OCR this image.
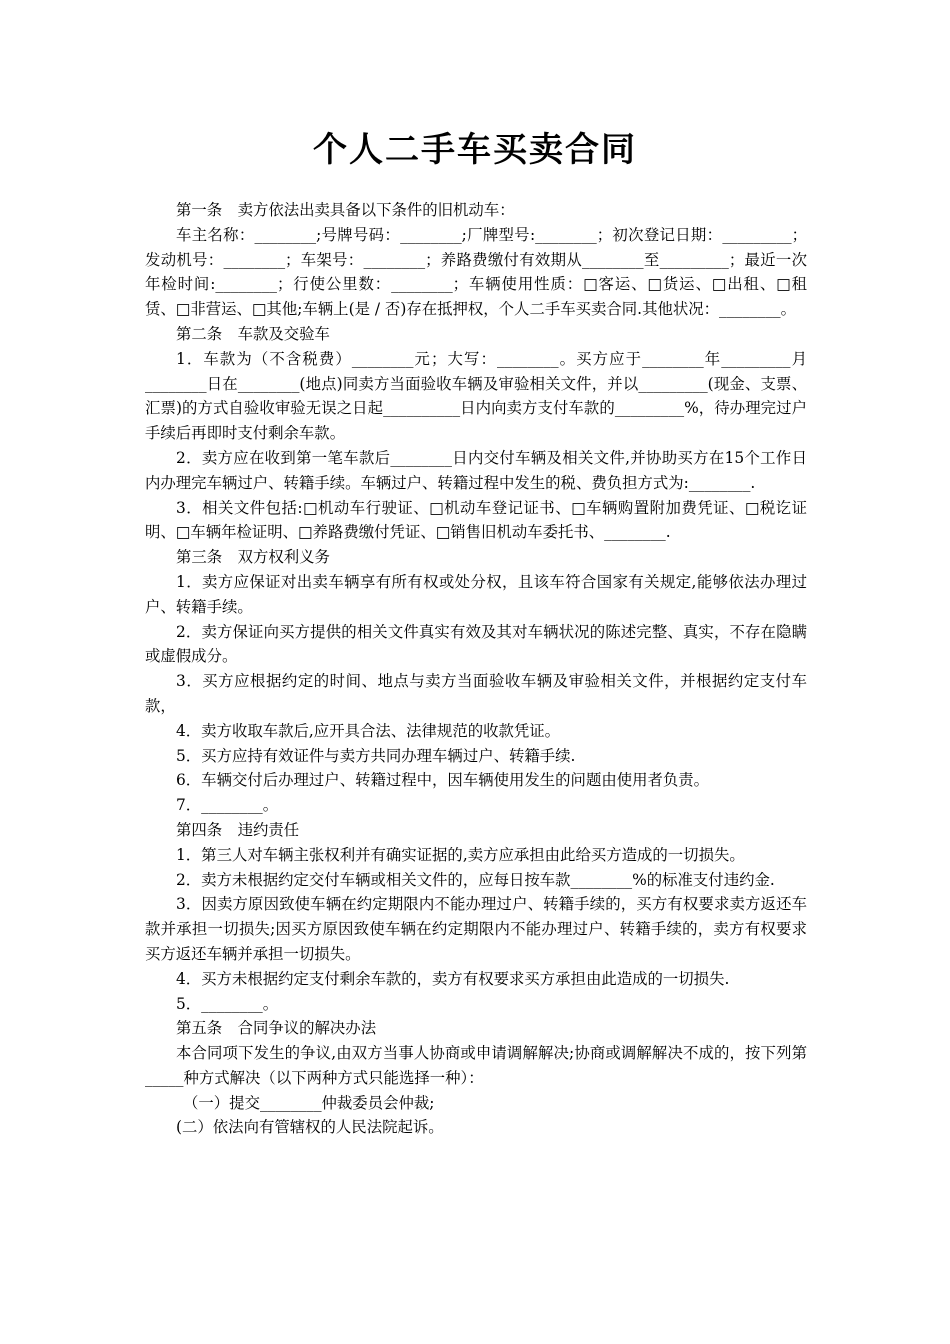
个人二手车买卖合同

第一条　卖方依法出卖具备以下条件的旧机动车：

车主名称：________;号牌号码：________;厂牌型号:________；初次登记日期：_________；发动机号：________；车架号：________；养路费缴付有效期从________至_________；最近一次年检时间:________；行使公里数：________；车辆使用性质：□客运、□货运、□出租、□租赁、□非营运、□其他;车辆上(是 / 否)存在抵押权，个人二手车买卖合同.其他状况：________。

第二条　车款及交验车

1．车款为（不含税费）________元；大写：________。买方应于________年_________月________日在________(地点)同卖方当面验收车辆及审验相关文件，并以_________(现金、支票、汇票)的方式自验收审验无误之日起__________日内向卖方支付车款的_________%，待办理完过户手续后再即时支付剩余车款。

2．卖方应在收到第一笔车款后________日内交付车辆及相关文件,并协助买方在15个工作日内办理完车辆过户、转籍手续。车辆过户、转籍过程中发生的税、费负担方式为:________.

3．相关文件包括:□机动车行驶证、□机动车登记证书、□车辆购置附加费凭证、□税讫证明、□车辆年检证明、□养路费缴付凭证、□销售旧机动车委托书、________.

第三条　双方权利义务

1．卖方应保证对出卖车辆享有所有权或处分权，且该车符合国家有关规定,能够依法办理过户、转籍手续。

2．卖方保证向买方提供的相关文件真实有效及其对车辆状况的陈述完整、真实，不存在隐瞒或虚假成分。

3．买方应根据约定的时间、地点与卖方当面验收车辆及审验相关文件，并根据约定支付车款，

4．卖方收取车款后,应开具合法、法律规范的收款凭证。

5．买方应持有效证件与卖方共同办理车辆过户、转籍手续.

6．车辆交付后办理过户、转籍过程中，因车辆使用发生的问题由使用者负责。

7．________。

第四条　违约责任

1．第三人对车辆主张权利并有确实证据的,卖方应承担由此给买方造成的一切损失。

2．卖方未根据约定交付车辆或相关文件的，应每日按车款________%的标准支付违约金.

3．因卖方原因致使车辆在约定期限内不能办理过户、转籍手续的，买方有权要求卖方返还车款并承担一切损失;因买方原因致使车辆在约定期限内不能办理过户、转籍手续的，卖方有权要求买方返还车辆并承担一切损失。

4．买方未根据约定支付剩余车款的，卖方有权要求买方承担由此造成的一切损失.

5．________。

第五条　合同争议的解决办法

本合同项下发生的争议,由双方当事人协商或申请调解解决;协商或调解解决不成的，按下列第_____种方式解决（以下两种方式只能选择一种）：

（一）提交________仲裁委员会仲裁;

(二）依法向有管辖权的人民法院起诉。
